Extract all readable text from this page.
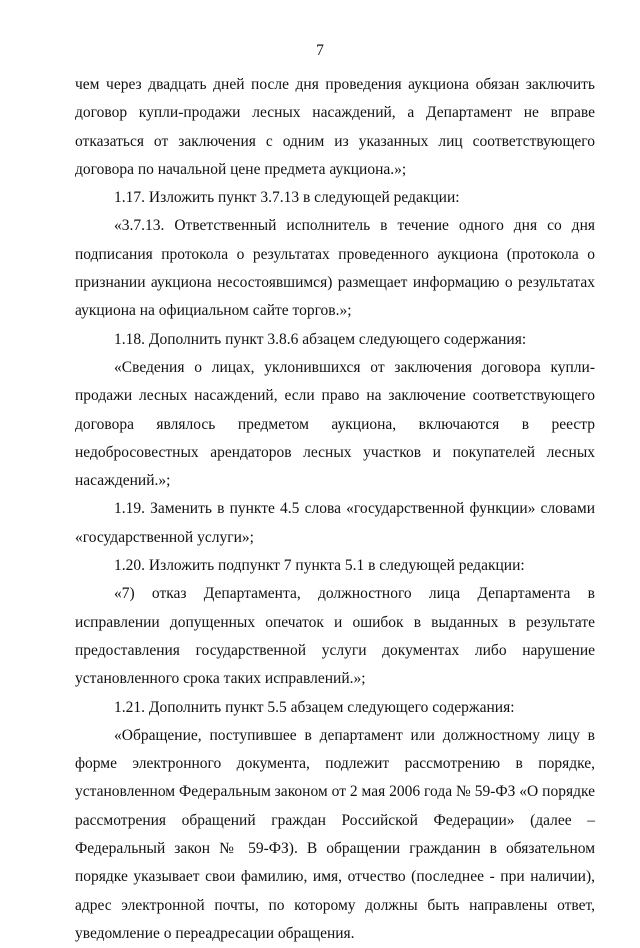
7

чем через двадцать дней после дня проведения аукциона обязан заключить договор купли-продажи лесных насаждений, а Департамент не вправе отказаться от заключения с одним из указанных лиц соответствующего договора по начальной цене предмета аукциона.»;

1.17. Изложить пункт 3.7.13 в следующей редакции:

«3.7.13. Ответственный исполнитель в течение одного дня со дня подписания протокола о результатах проведенного аукциона (протокола о признании аукциона несостоявшимся) размещает информацию о результатах аукциона на официальном сайте торгов.»;

1.18. Дополнить пункт 3.8.6 абзацем следующего содержания:

«Сведения о лицах, уклонившихся от заключения договора купли-продажи лесных насаждений, если право на заключение соответствующего договора являлось предметом аукциона, включаются в реестр недобросовестных арендаторов лесных участков и покупателей лесных насаждений.»;

1.19. Заменить в пункте 4.5 слова «государственной функции» словами «государственной услуги»;

1.20. Изложить подпункт 7 пункта 5.1 в следующей редакции:

«7) отказ Департамента, должностного лица Департамента в исправлении допущенных опечаток и ошибок в выданных в результате предоставления государственной услуги документах либо нарушение установленного срока таких исправлений.»;

1.21. Дополнить пункт 5.5 абзацем следующего содержания:

«Обращение, поступившее в департамент или должностному лицу в форме электронного документа, подлежит рассмотрению в порядке, установленном Федеральным законом от 2 мая 2006 года № 59-ФЗ «О порядке рассмотрения обращений граждан Российской Федерации» (далее – Федеральный закон № 59-ФЗ). В обращении гражданин в обязательном порядке указывает свои фамилию, имя, отчество (последнее - при наличии), адрес электронной почты, по которому должны быть направлены ответ, уведомление о переадресации обращения.
